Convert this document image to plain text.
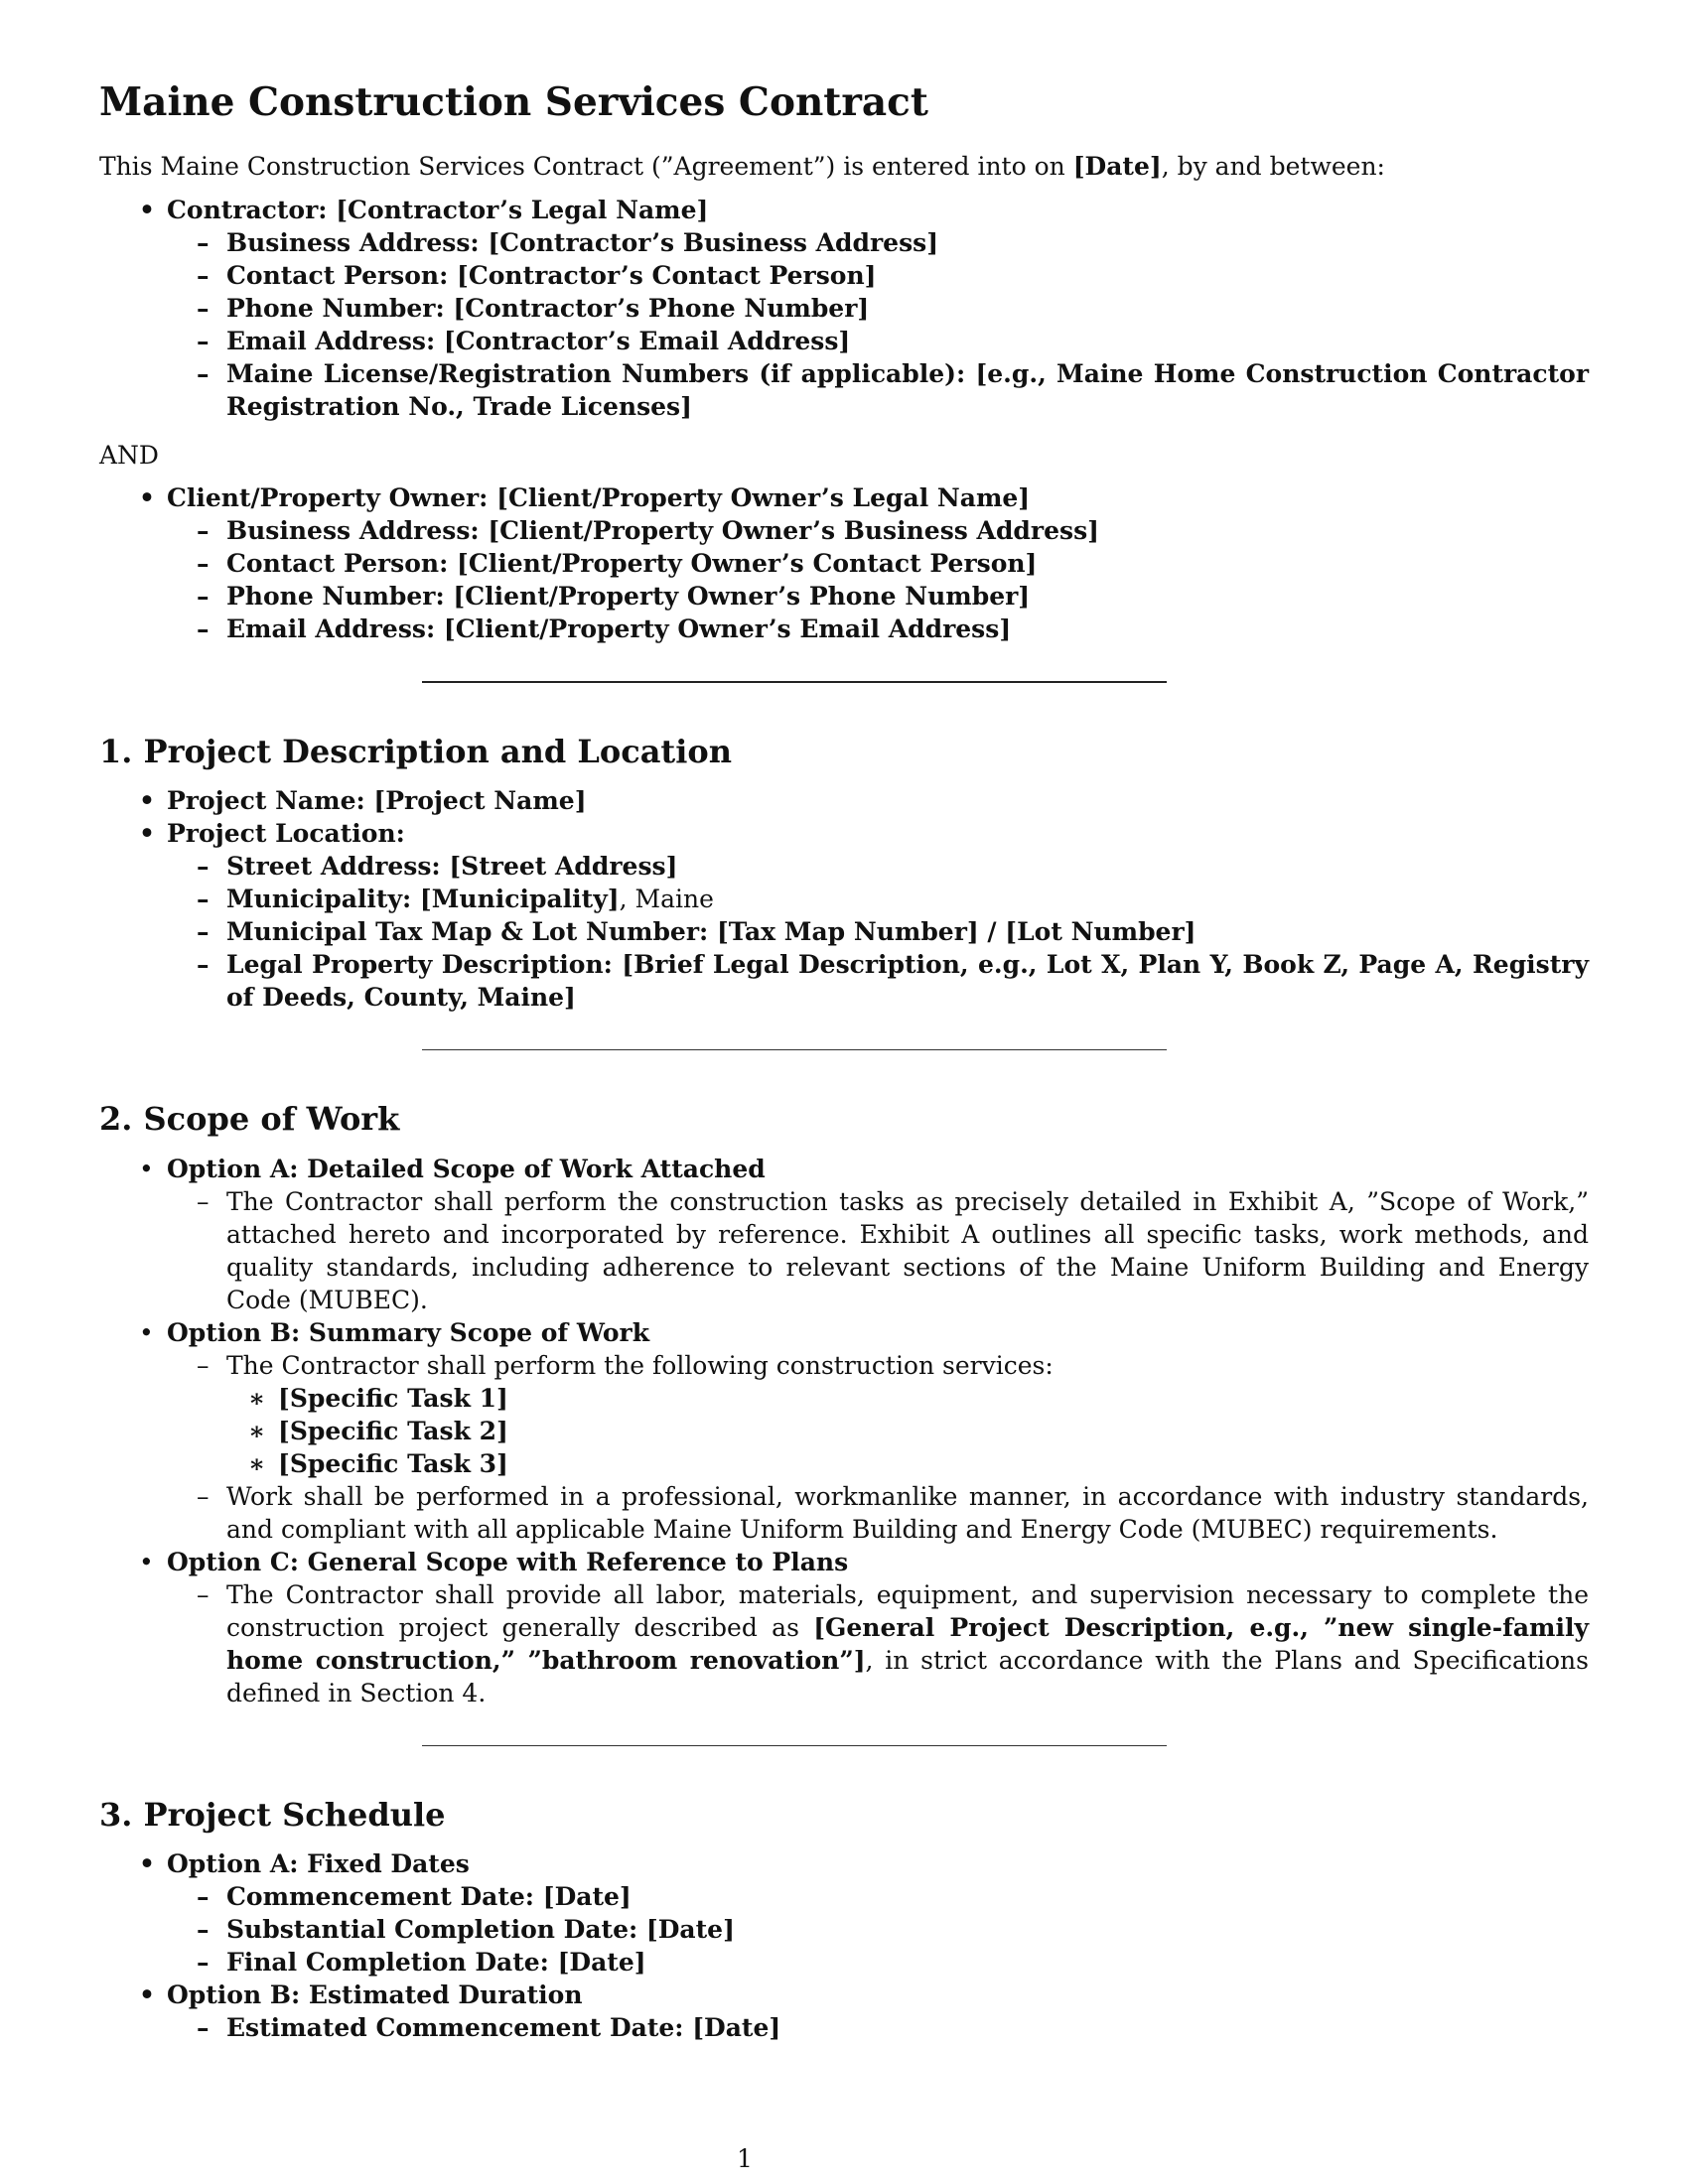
Maine Construction Services Contract
This Maine Construction Services Contract (”Agreement”) is entered into on [Date], by and between:
• Contractor: [Contractor’s Legal Name]
– Business Address: [Contractor’s Business Address]
– Contact Person: [Contractor’s Contact Person]
– Phone Number: [Contractor’s Phone Number]
– Email Address: [Contractor’s Email Address]
– Maine License/Registration Numbers (if applicable): [e.g., Maine Home Construction Contractor Registration No., Trade Licenses]
AND
• Client/Property Owner: [Client/Property Owner’s Legal Name]
– Business Address: [Client/Property Owner’s Business Address]
– Contact Person: [Client/Property Owner’s Contact Person]
– Phone Number: [Client/Property Owner’s Phone Number]
– Email Address: [Client/Property Owner’s Email Address]
1. Project Description and Location
• Project Name: [Project Name]
• Project Location:
– Street Address: [Street Address]
– Municipality: [Municipality], Maine
– Municipal Tax Map & Lot Number: [Tax Map Number] / [Lot Number]
– Legal Property Description: [Brief Legal Description, e.g., Lot X, Plan Y, Book Z, Page A, Registry of Deeds, County, Maine]
2. Scope of Work
• Option A: Detailed Scope of Work Attached
– The Contractor shall perform the construction tasks as precisely detailed in Exhibit A, ”Scope of Work,” attached hereto and incorporated by reference. Exhibit A outlines all specific tasks, work methods, and quality standards, including adherence to relevant sections of the Maine Uniform Building and Energy Code (MUBEC).
• Option B: Summary Scope of Work
– The Contractor shall perform the following construction services:
∗ [Specific Task 1]
∗ [Specific Task 2]
∗ [Specific Task 3]
– Work shall be performed in a professional, workmanlike manner, in accordance with industry standards, and compliant with all applicable Maine Uniform Building and Energy Code (MUBEC) requirements.
• Option C: General Scope with Reference to Plans
– The Contractor shall provide all labor, materials, equipment, and supervision necessary to complete the construction project generally described as [General Project Description, e.g., ”new single-family home construction,” ”bathroom renovation”], in strict accordance with the Plans and Specifications defined in Section 4.
3. Project Schedule
• Option A: Fixed Dates
– Commencement Date: [Date]
– Substantial Completion Date: [Date]
– Final Completion Date: [Date]
• Option B: Estimated Duration
– Estimated Commencement Date: [Date]
1
